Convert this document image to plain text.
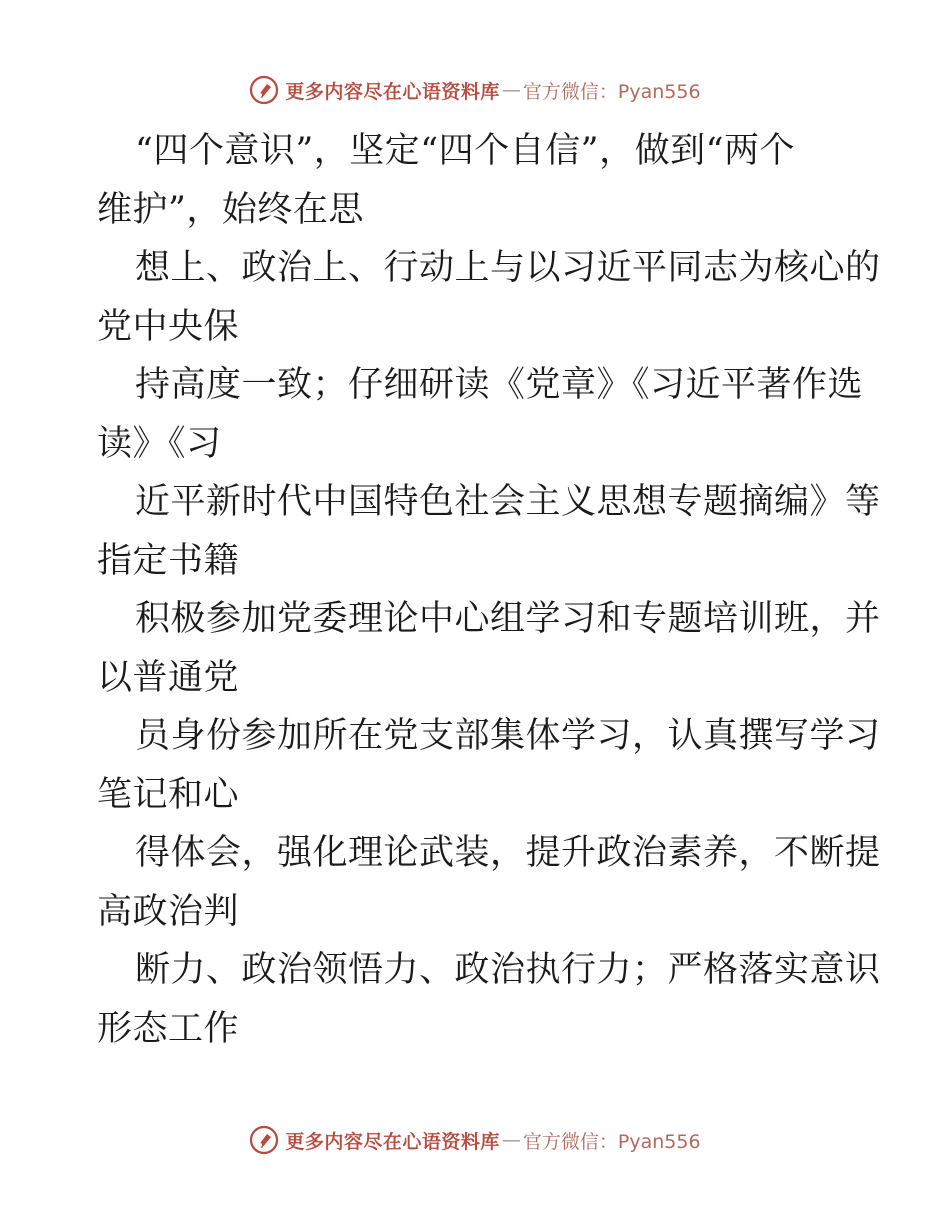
更多内容尽在心语资料库 — 官方微信：Pyan556
“四个意识”，坚定“四个自信”，做到“两个
维护”，始终在思
想上、政治上、行动上与以习近平同志为核心的
党中央保
持高度一致；仔细研读《党章》《习近平著作选
读》《习
近平新时代中国特色社会主义思想专题摘编》等
指定书籍
积极参加党委理论中心组学习和专题培训班，并
以普通党
员身份参加所在党支部集体学习，认真撰写学习
笔记和心
得体会，强化理论武装，提升政治素养，不断提
高政治判
断力、政治领悟力、政治执行力；严格落实意识
形态工作
更多内容尽在心语资料库 — 官方微信：Pyan556
